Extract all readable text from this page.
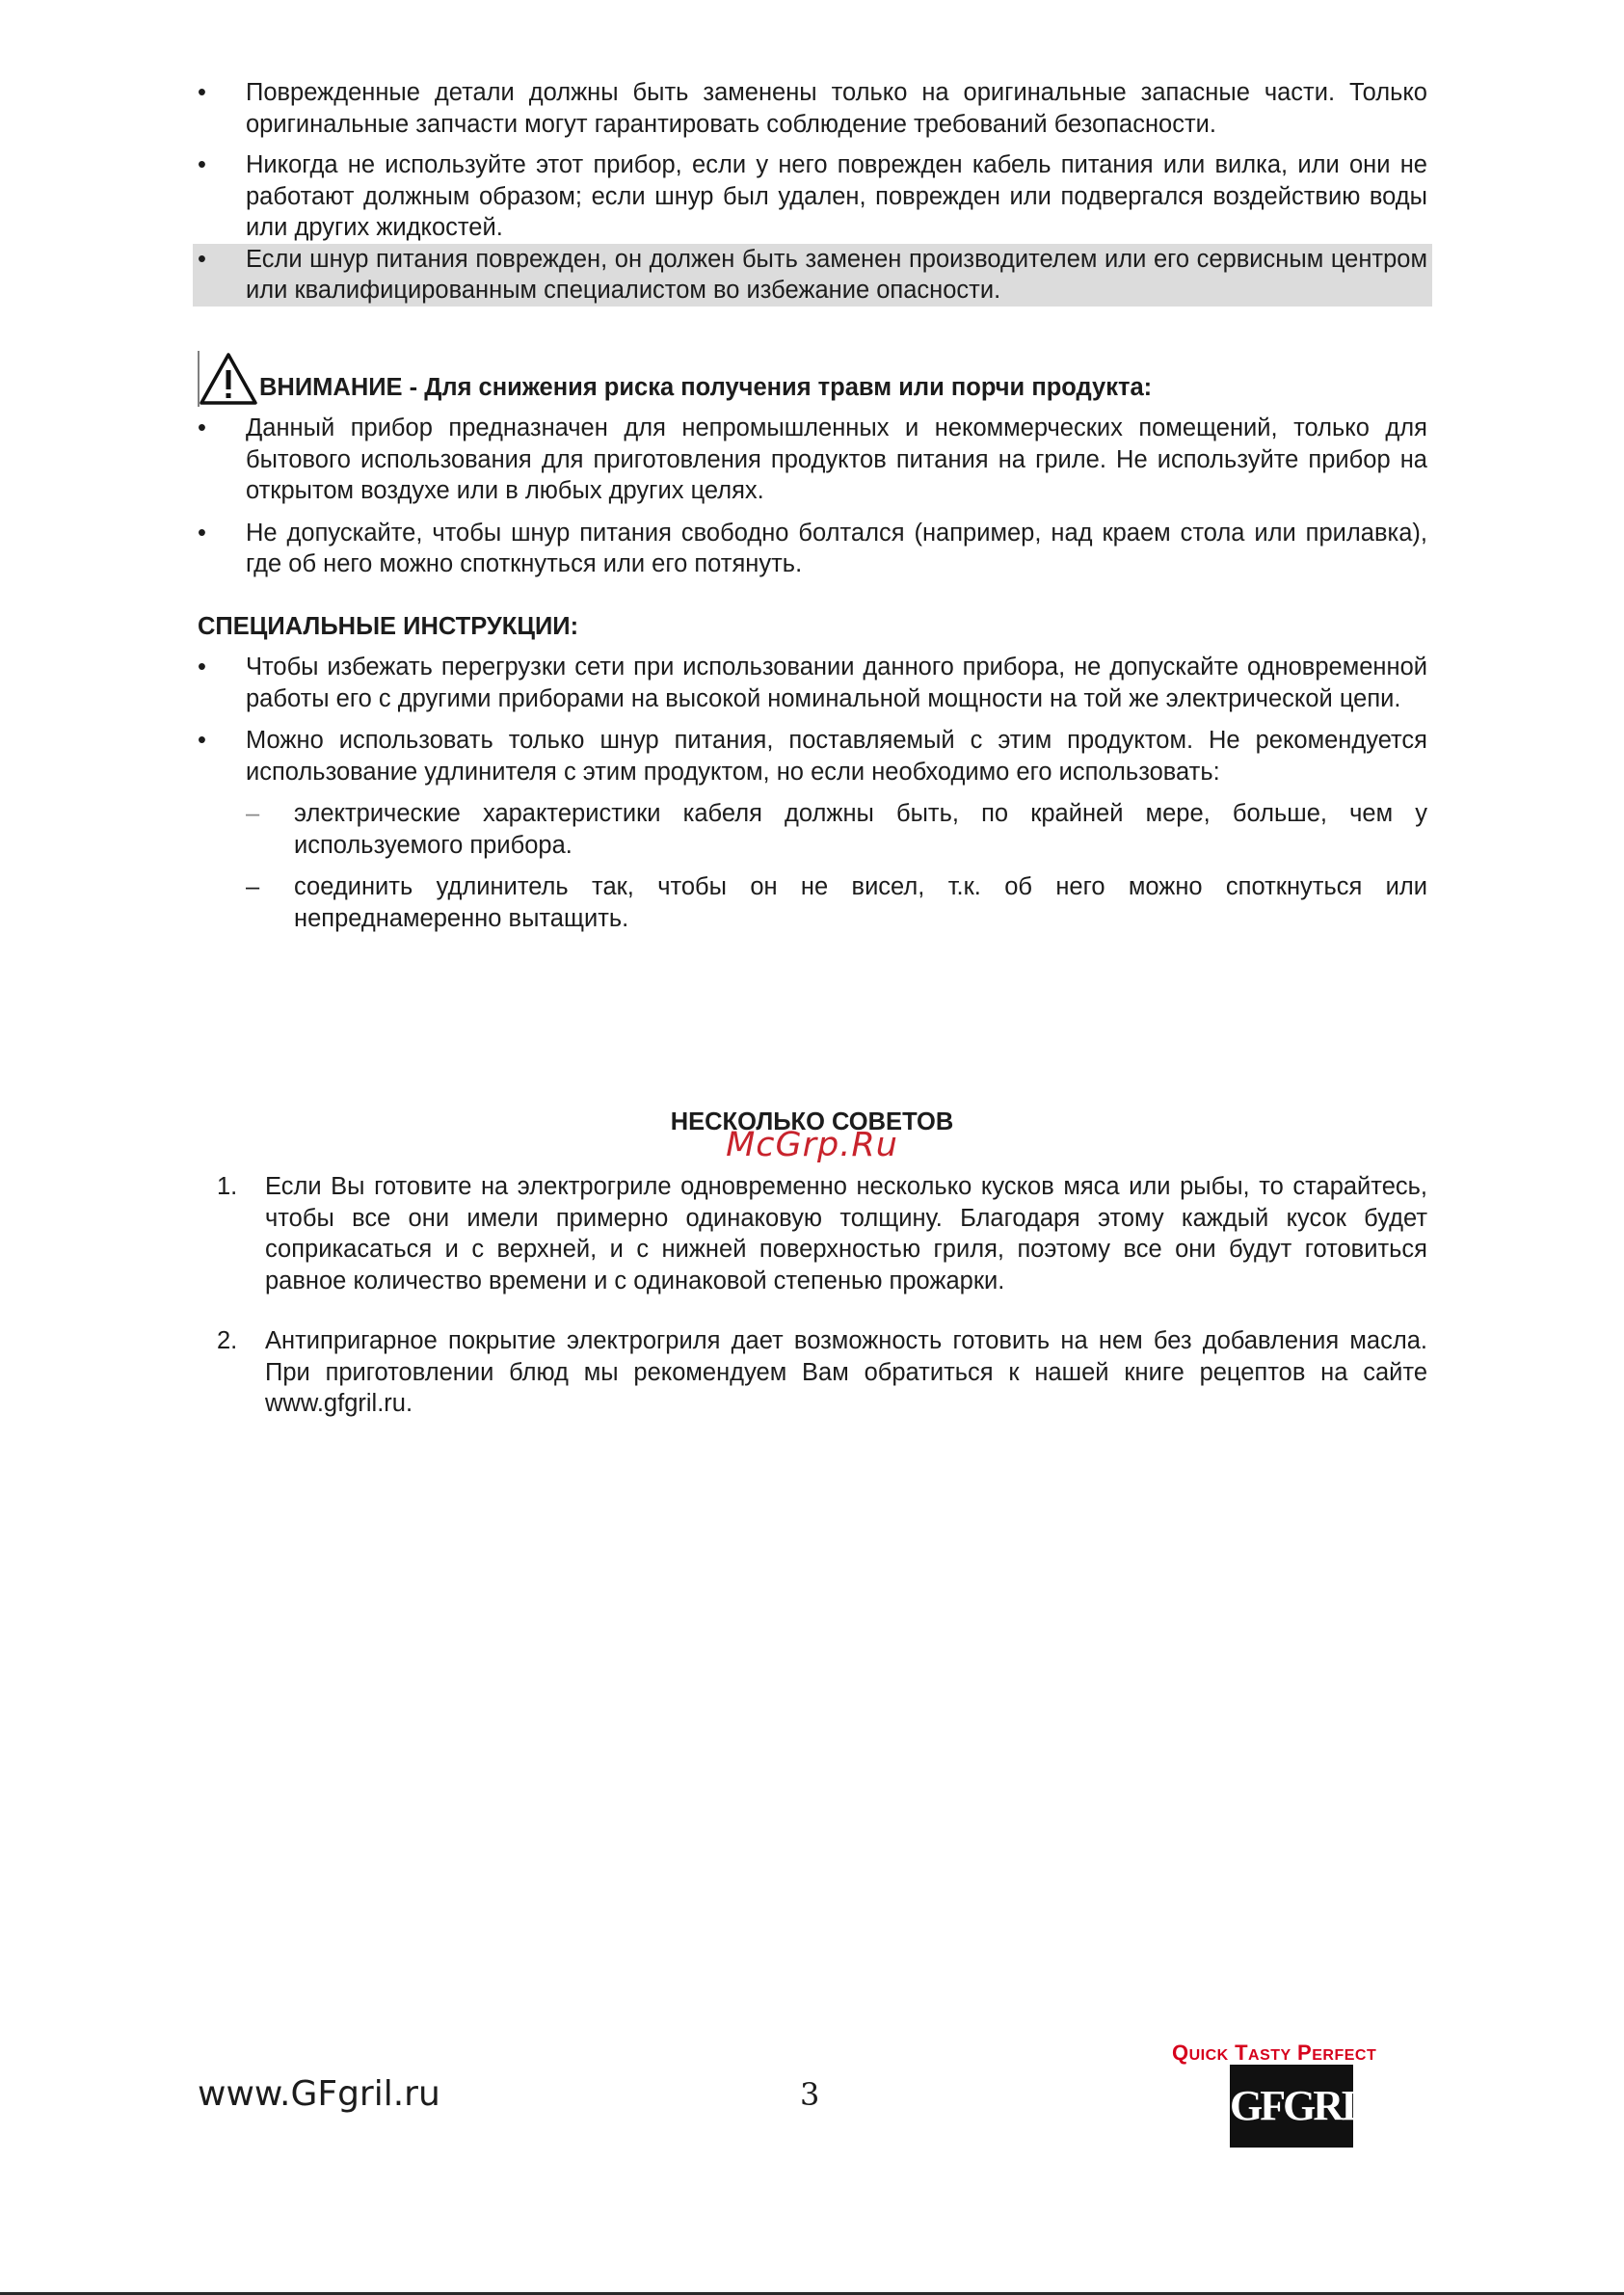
•	Поврежденные детали должны быть заменены только на оригинальные запасные части. Только оригинальные запчасти могут гарантировать соблюдение требований безопасности.
•	Никогда не используйте этот прибор, если у него поврежден кабель питания или вилка, или они не работают должным образом; если шнур был удален, поврежден или подвергался воздействию воды или других жидкостей.
•	Если шнур питания поврежден, он должен быть заменен производителем или его сервисным центром или квалифицированным специалистом во избежание опасности.
ВНИМАНИЕ - Для снижения риска получения травм или порчи продукта:
•	Данный прибор предназначен для непромышленных и некоммерческих помещений, только для бытового использования для приготовления продуктов питания на гриле. Не используйте прибор на открытом воздухе или в любых других целях.
•	Не допускайте, чтобы шнур питания свободно болтался (например, над краем стола или прилавка), где об него можно споткнуться или его потянуть.
СПЕЦИАЛЬНЫЕ ИНСТРУКЦИИ:
•	Чтобы избежать перегрузки сети при использовании данного прибора, не допускайте одновременной работы его с другими приборами на высокой номинальной мощности на той же электрической цепи.
•	Можно использовать только шнур питания, поставляемый с этим продуктом. Не рекомендуется использование удлинителя с этим продуктом, но если необходимо его использовать:
– электрические характеристики кабеля должны быть, по крайней мере, больше, чем у используемого прибора.
– соединить удлинитель так, чтобы он не висел, т.к. об него можно споткнуться или непреднамеренно вытащить.
НЕСКОЛЬКО СОВЕТОВ
McGrp.Ru
1. Если Вы готовите на электрогриле одновременно несколько кусков мяса или рыбы, то старайтесь, чтобы все они имели примерно одинаковую толщину. Благодаря этому каждый кусок будет соприкасаться и с верхней, и с нижней поверхностью гриля, поэтому все они будут готовиться равное количество времени и с одинаковой степенью прожарки.
2. Антипригарное покрытие электрогриля дает возможность готовить на нем без добавления масла. При приготовлении блюд мы рекомендуем Вам обратиться к нашей книге рецептов на сайте www.gfgril.ru.
www.GFgril.ru	3
QUICK TASTY PERFECT
GFGRIL
